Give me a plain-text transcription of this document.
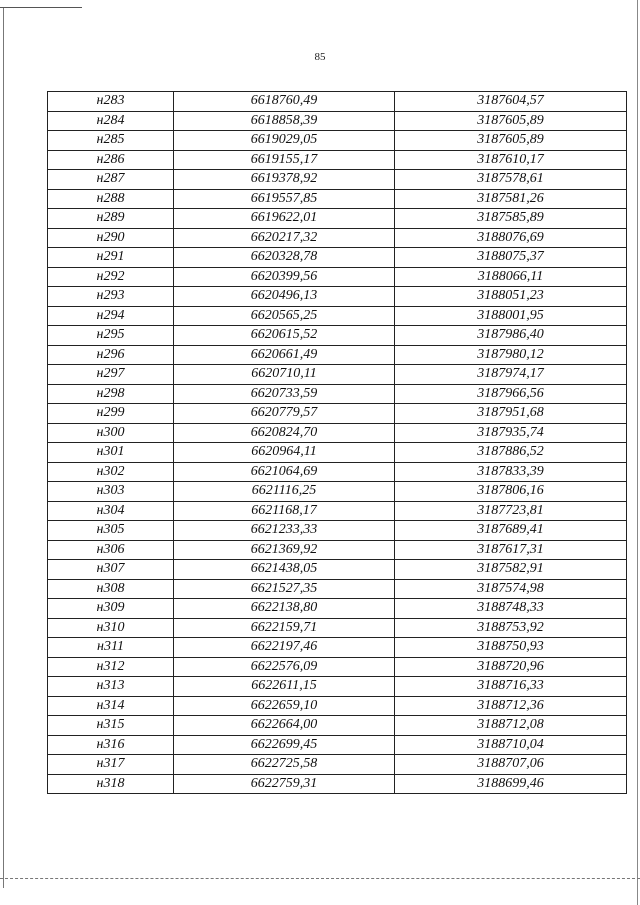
85
н283	6618760,49	3187604,57
н284	6618858,39	3187605,89
н285	6619029,05	3187605,89
н286	6619155,17	3187610,17
н287	6619378,92	3187578,61
н288	6619557,85	3187581,26
н289	6619622,01	3187585,89
н290	6620217,32	3188076,69
н291	6620328,78	3188075,37
н292	6620399,56	3188066,11
н293	6620496,13	3188051,23
н294	6620565,25	3188001,95
н295	6620615,52	3187986,40
н296	6620661,49	3187980,12
н297	6620710,11	3187974,17
н298	6620733,59	3187966,56
н299	6620779,57	3187951,68
н300	6620824,70	3187935,74
н301	6620964,11	3187886,52
н302	6621064,69	3187833,39
н303	6621116,25	3187806,16
н304	6621168,17	3187723,81
н305	6621233,33	3187689,41
н306	6621369,92	3187617,31
н307	6621438,05	3187582,91
н308	6621527,35	3187574,98
н309	6622138,80	3188748,33
н310	6622159,71	3188753,92
н311	6622197,46	3188750,93
н312	6622576,09	3188720,96
н313	6622611,15	3188716,33
н314	6622659,10	3188712,36
н315	6622664,00	3188712,08
н316	6622699,45	3188710,04
н317	6622725,58	3188707,06
н318	6622759,31	3188699,46
